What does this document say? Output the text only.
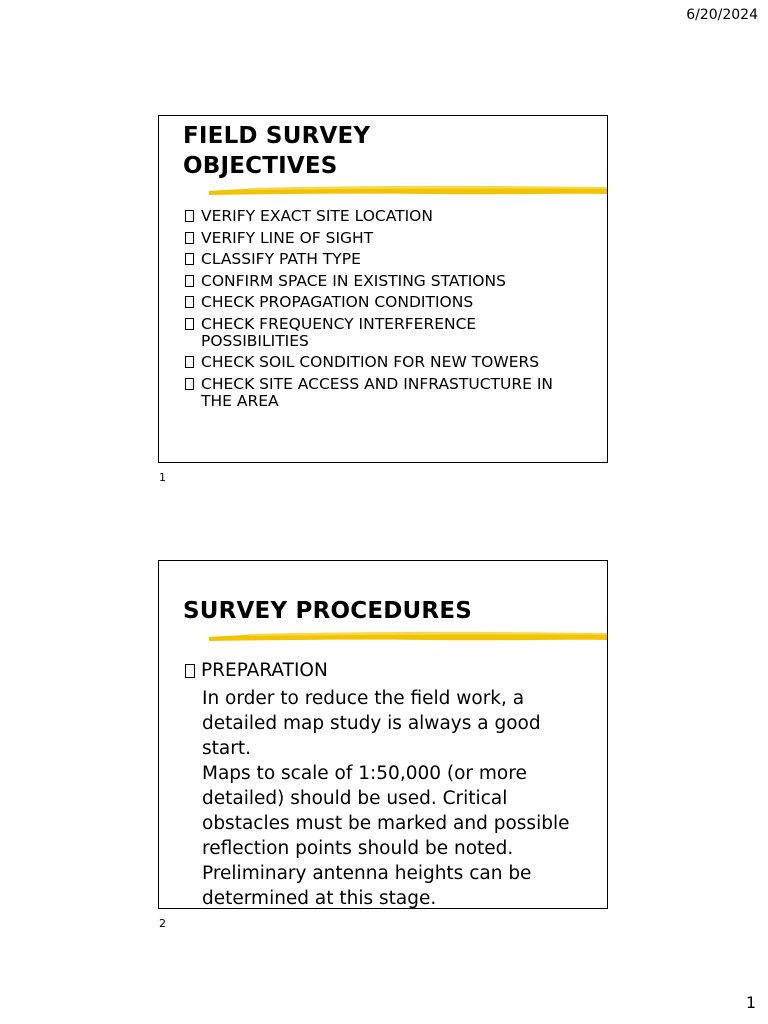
6/20/2024
FIELD SURVEY
OBJECTIVES
VERIFY EXACT SITE LOCATION
VERIFY LINE OF SIGHT
CLASSIFY PATH TYPE
CONFIRM SPACE IN EXISTING STATIONS
CHECK PROPAGATION CONDITIONS
CHECK FREQUENCY INTERFERENCE
POSSIBILITIES
CHECK SOIL CONDITION FOR NEW TOWERS
CHECK SITE ACCESS AND INFRASTUCTURE IN
THE AREA
1
SURVEY PROCEDURES
PREPARATION
In order to reduce the field work, a
detailed map study is always a good start.
Maps to scale of 1:50,000 (or more
detailed) should be used. Critical
obstacles must be marked and possible
reflection points should be noted.
Preliminary antenna heights can be
determined at this stage.
2
1
